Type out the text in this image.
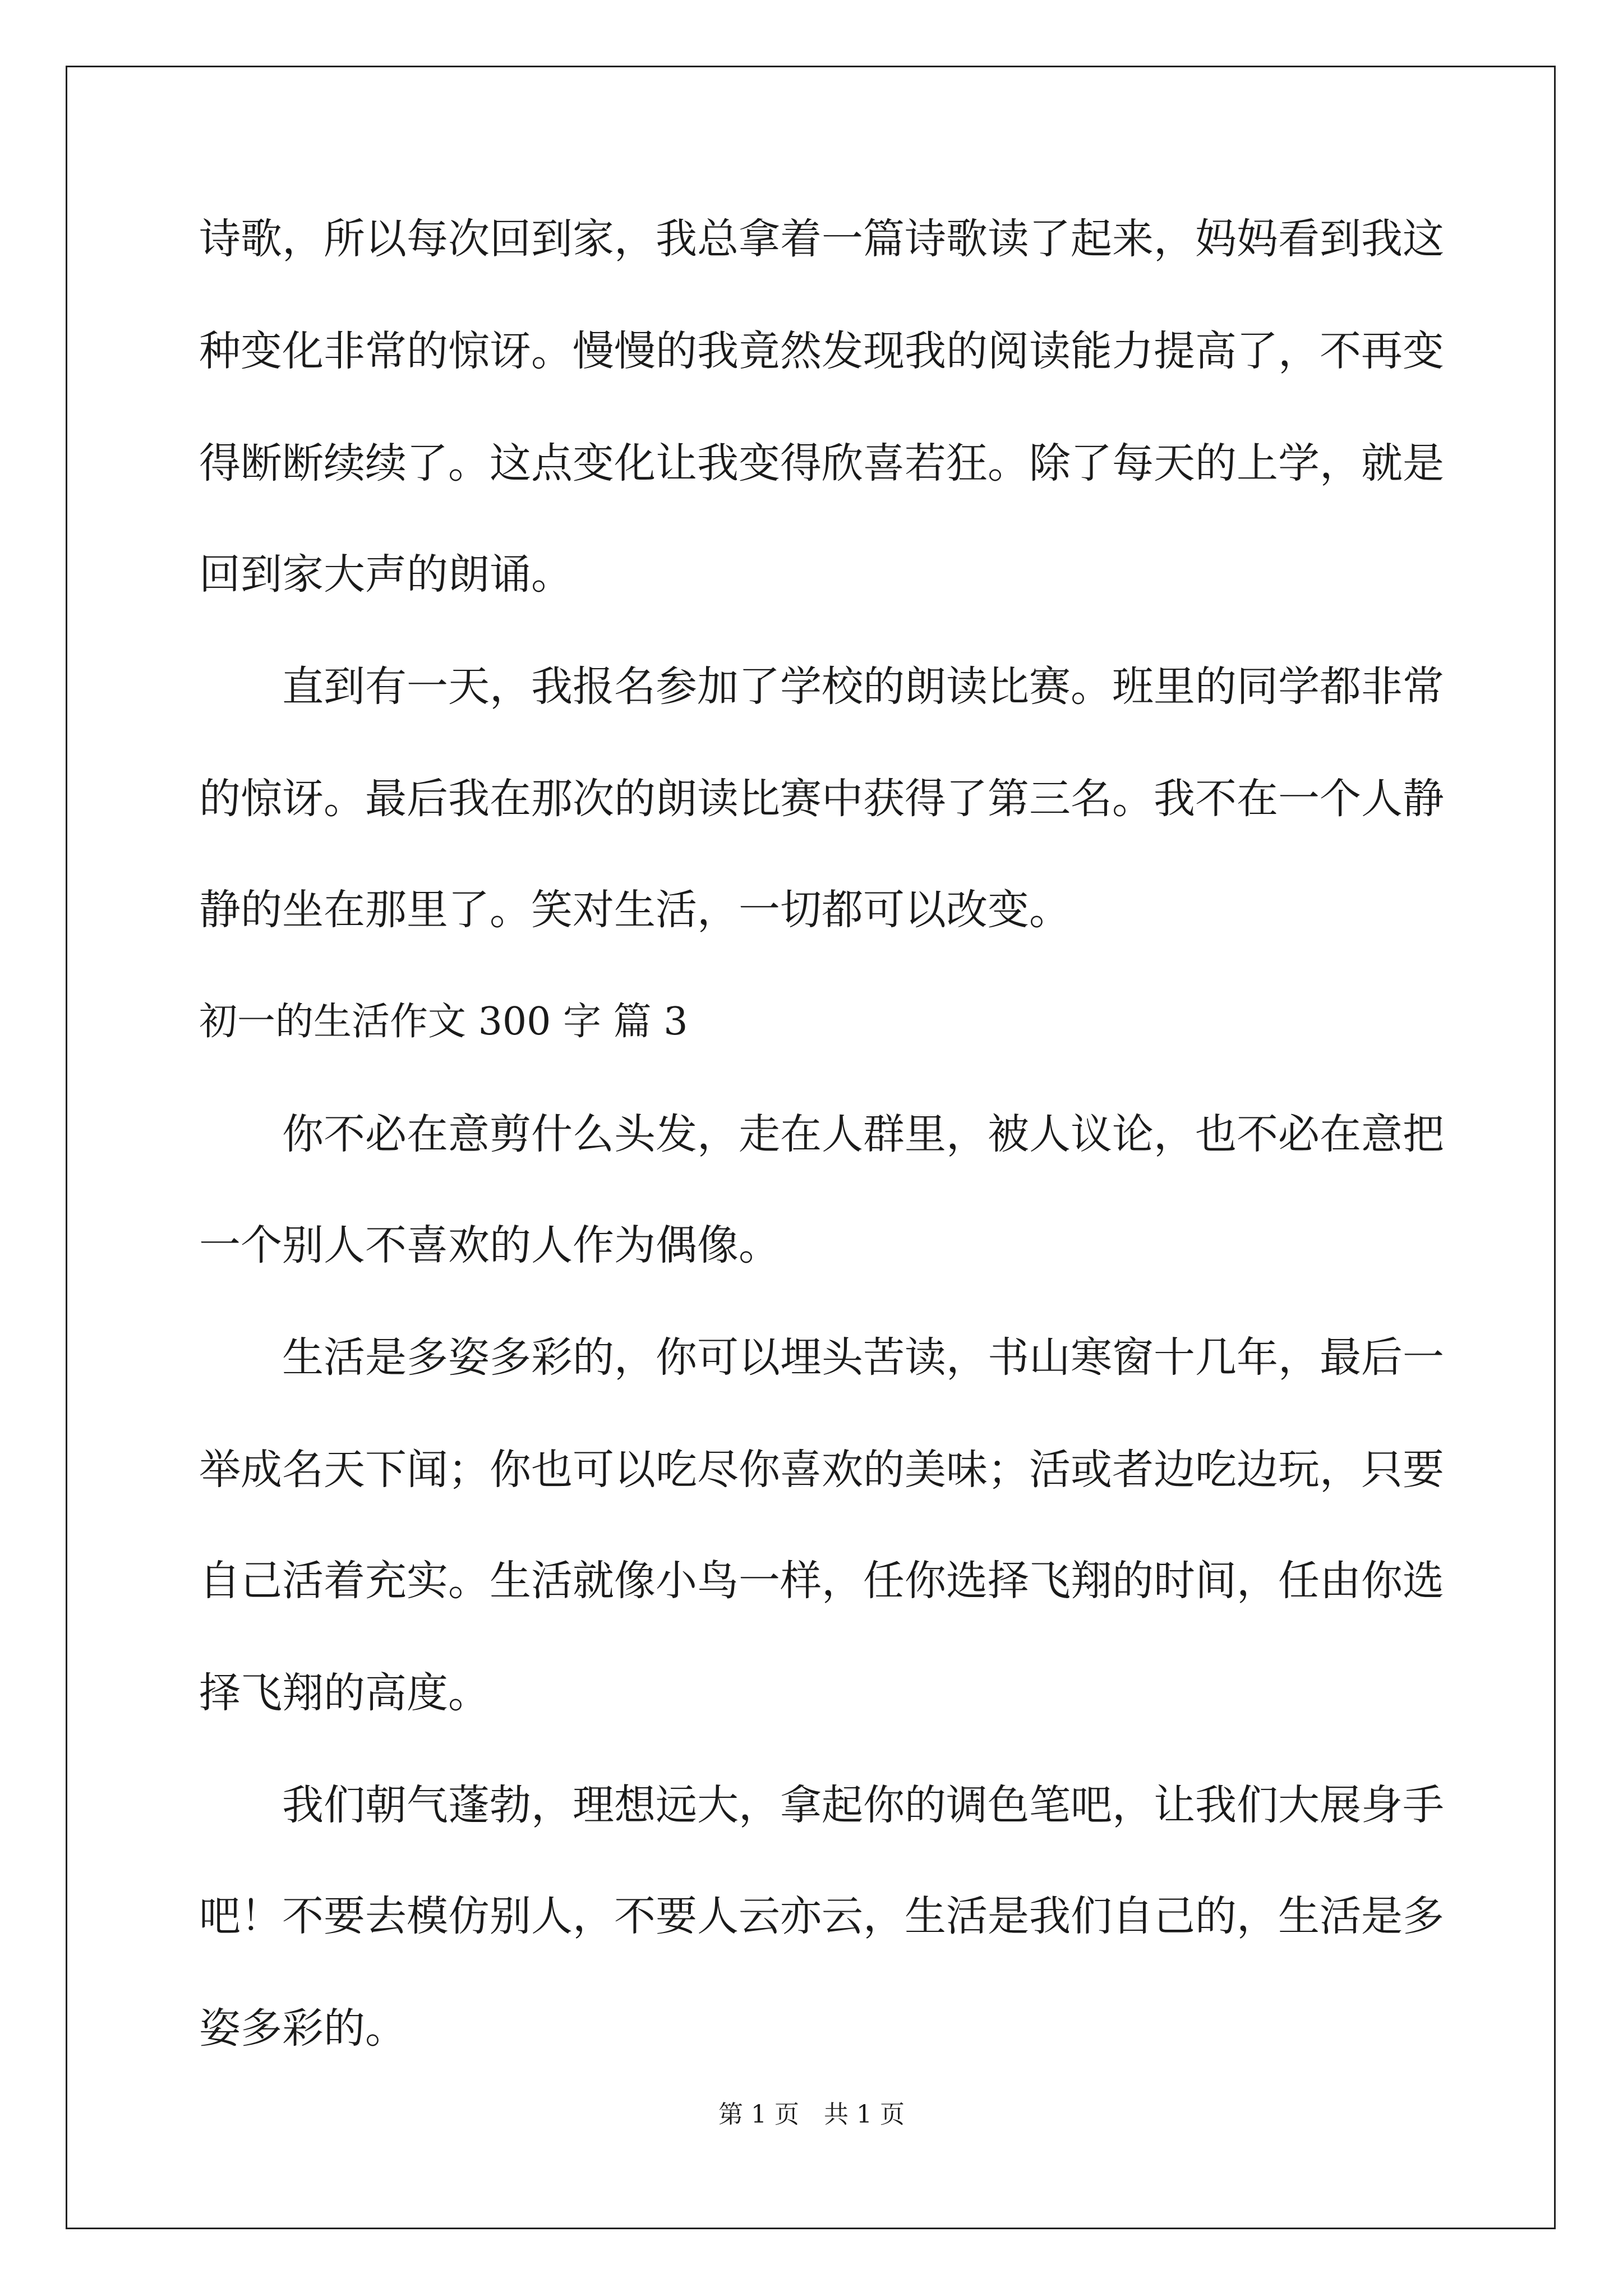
诗歌，所以每次回到家，我总拿着一篇诗歌读了起来，妈妈看到我这
种变化非常的惊讶。慢慢的我竟然发现我的阅读能力提高了，不再变
得断断续续了。这点变化让我变得欣喜若狂。除了每天的上学，就是
回到家大声的朗诵。
直到有一天，我报名参加了学校的朗读比赛。班里的同学都非常
的惊讶。最后我在那次的朗读比赛中获得了第三名。我不在一个人静
静的坐在那里了。笑对生活，一切都可以改变。
初一的生活作文 300 字 篇 3
你不必在意剪什么头发，走在人群里，被人议论，也不必在意把
一个别人不喜欢的人作为偶像。
生活是多姿多彩的，你可以埋头苦读，书山寒窗十几年，最后一
举成名天下闻；你也可以吃尽你喜欢的美味；活或者边吃边玩，只要
自己活着充实。生活就像小鸟一样，任你选择飞翔的时间，任由你选
择飞翔的高度。
我们朝气蓬勃，理想远大，拿起你的调色笔吧，让我们大展身手
吧！不要去模仿别人，不要人云亦云，生活是我们自己的，生活是多
姿多彩的。
第 1 页 共 1 页
